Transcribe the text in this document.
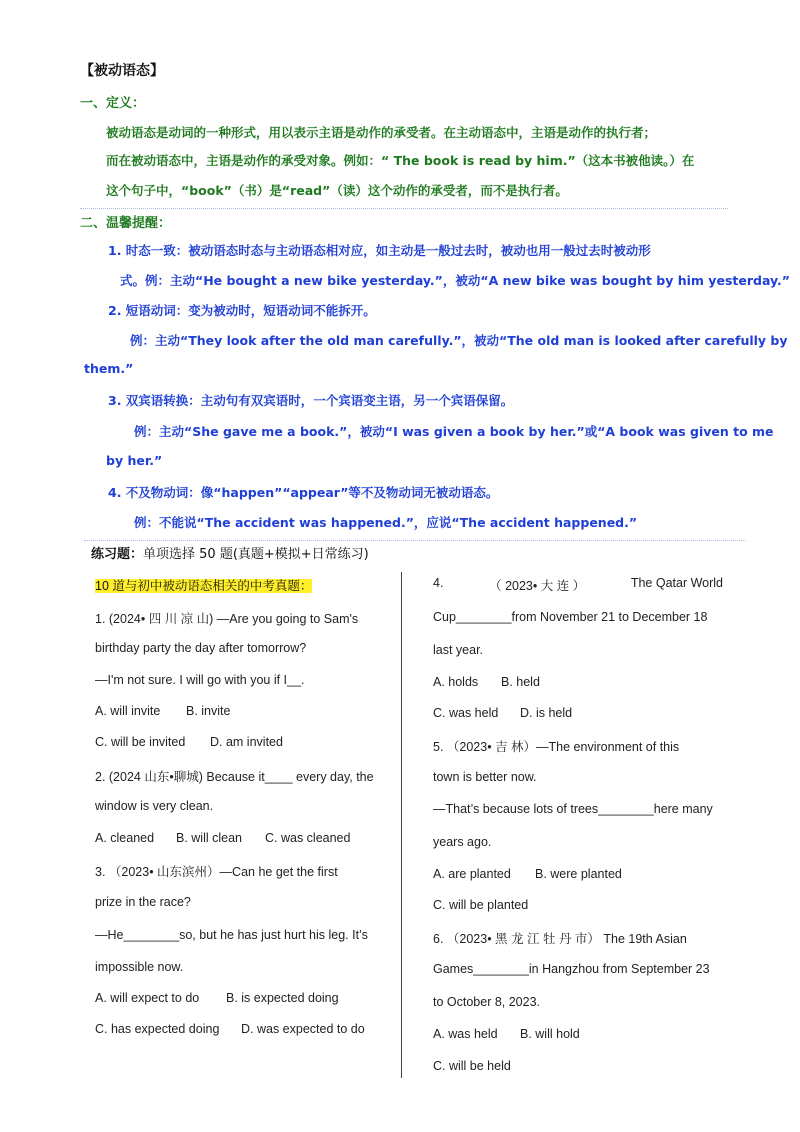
【被动语态】
一、定义：
被动语态是动词的一种形式，用以表示主语是动作的承受者。在主动语态中，主语是动作的执行者；
而在被动语态中，主语是动作的承受对象。例如：“ The book is read by him.”（这本书被他读。）在
这个句子中，“book”（书）是“read”（读）这个动作的承受者，而不是执行者。
二、温馨提醒：
1. 时态一致：被动语态时态与主动语态相对应，如主动是一般过去时，被动也用一般过去时被动形
式。例：主动“He bought a new bike yesterday.”，被动“A new bike was bought by him yesterday.”
2. 短语动词：变为被动时，短语动词不能拆开。
例：主动“They look after the old man carefully.”，被动“The old man is looked after carefully by
them.”
3. 双宾语转换：主动句有双宾语时，一个宾语变主语，另一个宾语保留。
例：主动“She gave me a book.”，被动“I was given a book by her.”或“A book was given to me
by her.”
4. 不及物动词：像“happen”“appear”等不及物动词无被动语态。
例：不能说“The accident was happened.”，应说“The accident happened.”
练习题：单项选择 50 题(真题+模拟+日常练习)
10 道与初中被动语态相关的中考真题：
1. (2024• 四 川 凉 山) —Are you going to Sam's
birthday party the day after tomorrow?
—I'm not sure. I will go with you if I__.
A. will invite B. invite
C. will be invited D. am invited
2. (2024 山东•聊城) Because it____ every day, the
window is very clean.
A. cleaned B. will clean C. was cleaned
3. （2023• 山东滨州）—Can he get the first
prize in the race?
—He________so, but he has just hurt his leg. It’s
impossible now.
A. will expect to do B. is expected doing
C. has expected doing D. was expected to do
4.	（ 2023• 大 连 ）	The Qatar World
Cup________from November 21 to December 18
last year.
A. holds B. held
C. was held D. is held
5. （2023• 吉 林）—The environment of this
town is better now.
—That’s because lots of trees________here many
years ago.
A. are planted B. were planted
C. will be planted
6. （2023• 黑 龙 江 牡 丹 市） The 19th Asian
Games________in Hangzhou from September 23
to October 8, 2023.
A. was held B. will hold
C. will be held
